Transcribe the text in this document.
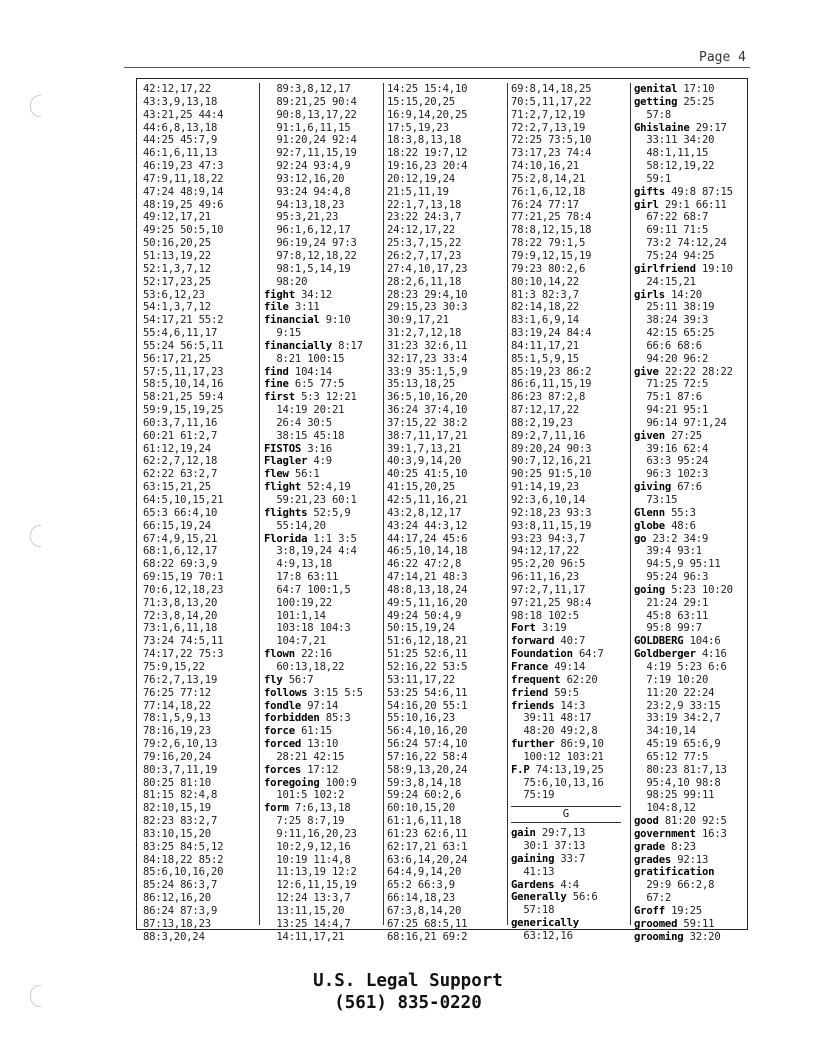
Page 4
42:12,17,22
43:3,9,13,18
43:21,25 44:4
44:6,8,13,18
44:25 45:7,9
46:1,6,11,13
46:19,23 47:3
47:9,11,18,22
47:24 48:9,14
48:19,25 49:6
49:12,17,21
49:25 50:5,10
50:16,20,25
51:13,19,22
52:1,3,7,12
52:17,23,25
53:6,12,23
54:1,3,7,12
54:17,21 55:2
55:4,6,11,17
55:24 56:5,11
56:17,21,25
57:5,11,17,23
58:5,10,14,16
58:21,25 59:4
59:9,15,19,25
60:3,7,11,16
60:21 61:2,7
61:12,19,24
62:2,7,12,18
62:22 63:2,7
63:15,21,25
64:5,10,15,21
65:3 66:4,10
66:15,19,24
67:4,9,15,21
68:1,6,12,17
68:22 69:3,9
69:15,19 70:1
70:6,12,18,23
71:3,8,13,20
72:3,8,14,20
73:1,6,11,18
73:24 74:5,11
74:17,22 75:3
75:9,15,22
76:2,7,13,19
76:25 77:12
77:14,18,22
78:1,5,9,13
78:16,19,23
79:2,6,10,13
79:16,20,24
80:3,7,11,19
80:25 81:10
81:15 82:4,8
82:10,15,19
82:23 83:2,7
83:10,15,20
83:25 84:5,12
84:18,22 85:2
85:6,10,16,20
85:24 86:3,7
86:12,16,20
86:24 87:3,9
87:13,18,23
88:3,20,24
89:3,8,12,17
89:21,25 90:4
90:8,13,17,22
91:1,6,11,15
91:20,24 92:4
92:7,11,15,19
92:24 93:4,9
93:12,16,20
93:24 94:4,8
94:13,18,23
95:3,21,23
96:1,6,12,17
96:19,24 97:3
97:8,12,18,22
98:1,5,14,19
98:20
fight 34:12
file 3:11
financial 9:10
9:15
financially 8:17
8:21 100:15
find 104:14
fine 6:5 77:5
first 5:3 12:21
14:19 20:21
26:4 30:5
38:15 45:18
FISTOS 3:16
Flagler 4:9
flew 56:1
flight 52:4,19
59:21,23 60:1
flights 52:5,9
55:14,20
Florida 1:1 3:5
3:8,19,24 4:4
4:9,13,18
17:8 63:11
64:7 100:1,5
100:19,22
101:1,14
103:18 104:3
104:7,21
flown 22:16
60:13,18,22
fly 56:7
follows 3:15 5:5
fondle 97:14
forbidden 85:3
force 61:15
forced 13:10
28:21 42:15
forces 17:12
foregoing 100:9
101:5 102:2
form 7:6,13,18
7:25 8:7,19
9:11,16,20,23
10:2,9,12,16
10:19 11:4,8
11:13,19 12:2
12:6,11,15,19
12:24 13:3,7
13:11,15,20
13:25 14:4,7
14:11,17,21
14:25 15:4,10
15:15,20,25
16:9,14,20,25
17:5,19,23
18:3,8,13,18
18:22 19:7,12
19:16,23 20:4
20:12,19,24
21:5,11,19
22:1,7,13,18
23:22 24:3,7
24:12,17,22
25:3,7,15,22
26:2,7,17,23
27:4,10,17,23
28:2,6,11,18
28:23 29:4,10
29:15,23 30:3
30:9,17,21
31:2,7,12,18
31:23 32:6,11
32:17,23 33:4
33:9 35:1,5,9
35:13,18,25
36:5,10,16,20
36:24 37:4,10
37:15,22 38:2
38:7,11,17,21
39:1,7,13,21
40:3,9,14,20
40:25 41:5,10
41:15,20,25
42:5,11,16,21
43:2,8,12,17
43:24 44:3,12
44:17,24 45:6
46:5,10,14,18
46:22 47:2,8
47:14,21 48:3
48:8,13,18,24
49:5,11,16,20
49:24 50:4,9
50:15,19,24
51:6,12,18,21
51:25 52:6,11
52:16,22 53:5
53:11,17,22
53:25 54:6,11
54:16,20 55:1
55:10,16,23
56:4,10,16,20
56:24 57:4,10
57:16,22 58:4
58:9,13,20,24
59:3,8,14,18
59:24 60:2,6
60:10,15,20
61:1,6,11,18
61:23 62:6,11
62:17,21 63:1
63:6,14,20,24
64:4,9,14,20
65:2 66:3,9
66:14,18,23
67:3,8,14,20
67:25 68:5,11
68:16,21 69:2
69:8,14,18,25
70:5,11,17,22
71:2,7,12,19
72:2,7,13,19
72:25 73:5,10
73:17,23 74:4
74:10,16,21
75:2,8,14,21
76:1,6,12,18
76:24 77:17
77:21,25 78:4
78:8,12,15,18
78:22 79:1,5
79:9,12,15,19
79:23 80:2,6
80:10,14,22
81:3 82:3,7
82:14,18,22
83:1,6,9,14
83:19,24 84:4
84:11,17,21
85:1,5,9,15
85:19,23 86:2
86:6,11,15,19
86:23 87:2,8
87:12,17,22
88:2,19,23
89:2,7,11,16
89:20,24 90:3
90:7,12,16,21
90:25 91:5,10
91:14,19,23
92:3,6,10,14
92:18,23 93:3
93:8,11,15,19
93:23 94:3,7
94:12,17,22
95:2,20 96:5
96:11,16,23
97:2,7,11,17
97:21,25 98:4
98:18 102:5
Fort 3:19
forward 40:7
Foundation 64:7
France 49:14
frequent 62:20
friend 59:5
friends 14:3
39:11 48:17
48:20 49:2,8
further 86:9,10
100:12 103:21
F.P 74:13,19,25
75:6,10,13,16
75:19
G
gain 29:7,13
30:1 37:13
gaining 33:7
41:13
Gardens 4:4
Generally 56:6
57:18
generically
63:12,16
genital 17:10
getting 25:25
57:8
Ghislaine 29:17
33:11 34:20
48:1,11,15
58:12,19,22
59:1
gifts 49:8 87:15
girl 29:1 66:11
67:22 68:7
69:11 71:5
73:2 74:12,24
75:24 94:25
girlfriend 19:10
24:15,21
girls 14:20
25:11 38:19
38:24 39:3
42:15 65:25
66:6 68:6
94:20 96:2
give 22:22 28:22
71:25 72:5
75:1 87:6
94:21 95:1
96:14 97:1,24
given 27:25
39:16 62:4
63:3 95:24
96:3 102:3
giving 67:6
73:15
Glenn 55:3
globe 48:6
go 23:2 34:9
39:4 93:1
94:5,9 95:11
95:24 96:3
going 5:23 10:20
21:24 29:1
45:8 63:11
95:8 99:7
GOLDBERG 104:6
Goldberger 4:16
4:19 5:23 6:6
7:19 10:20
11:20 22:24
23:2,9 33:15
33:19 34:2,7
34:10,14
45:19 65:6,9
65:12 77:5
80:23 81:7,13
95:4,10 98:8
98:25 99:11
104:8,12
good 81:20 92:5
government 16:3
grade 8:23
grades 92:13
gratification
29:9 66:2,8
67:2
Groff 19:25
groomed 59:11
grooming 32:20
U.S. Legal Support
(561) 835-0220
